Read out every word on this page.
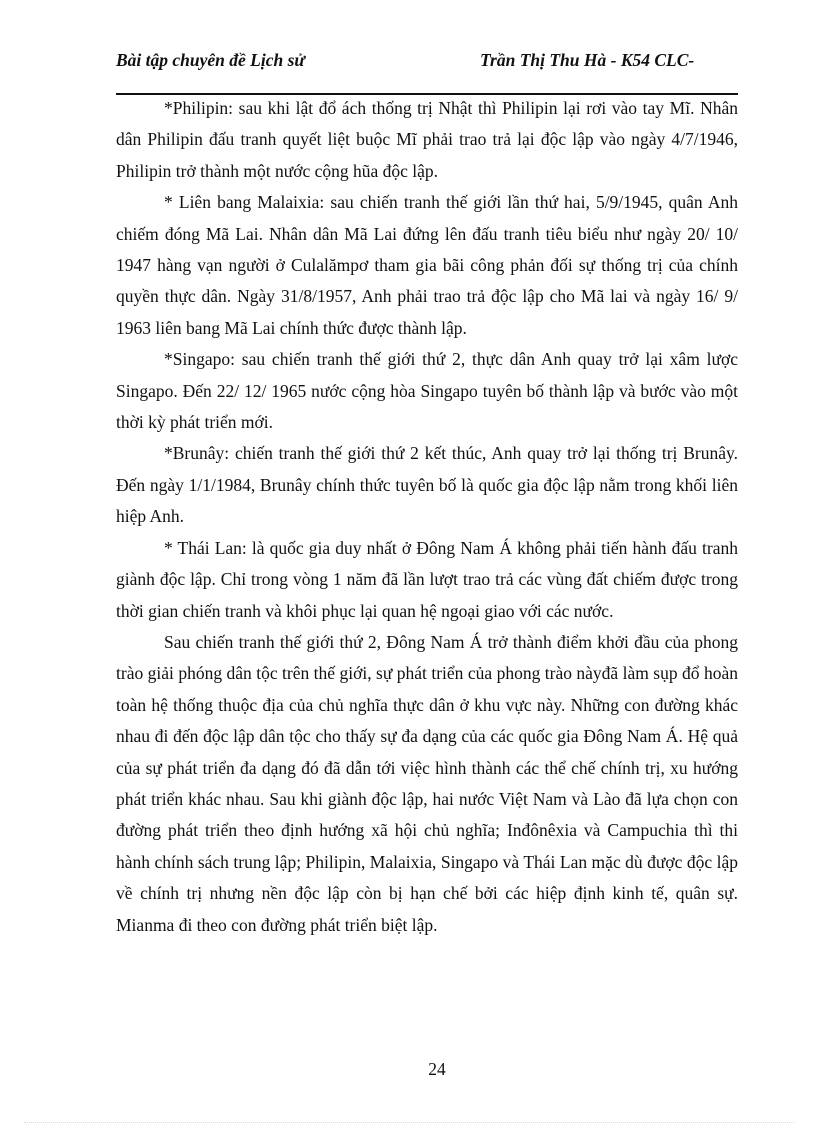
Bài tập chuyên đề Lịch sử	Trần Thị Thu Hà - K54 CLC-

*Philipin: sau khi lật đổ ách thống trị Nhật thì Philipin lại rơi vào tay Mĩ. Nhân dân Philipin đấu tranh quyết liệt buộc Mĩ phải trao trả lại độc lập vào ngày 4/7/1946, Philipin trở thành một nước cộng hũa độc lập.

* Liên bang Malaixia: sau chiến tranh thế giới lần thứ hai, 5/9/1945, quân Anh chiếm đóng Mã Lai. Nhân dân Mã Lai đứng lên đấu tranh tiêu biểu như ngày 20/ 10/ 1947 hàng vạn người ở Culalămpơ tham gia bãi công phản đối sự thống trị của chính quyền thực dân. Ngày 31/8/1957, Anh phải trao trả độc lập cho Mã lai và ngày 16/ 9/ 1963 liên bang Mã Lai chính thức được thành lập.

*Singapo: sau chiến tranh thế giới thứ 2, thực dân Anh quay trở lại xâm lược Singapo. Đến 22/ 12/ 1965 nước cộng hòa Singapo tuyên bố thành lập và bước vào một thời kỳ phát triển mới.

*Brunây: chiến tranh thế giới thứ 2 kết thúc, Anh quay trở lại thống trị Brunây. Đến ngày 1/1/1984, Brunây chính thức tuyên bố là quốc gia độc lập nằm trong khối liên hiệp Anh.

* Thái Lan: là quốc gia duy nhất ở Đông Nam Á không phải tiến hành đấu tranh giành độc lập. Chỉ trong vòng 1 năm đã lần lượt trao trả các vùng đất chiếm được trong thời gian chiến tranh và khôi phục lại quan hệ ngoại giao với các nước.

Sau chiến tranh thế giới thứ 2, Đông Nam Á trở thành điểm khởi đầu của phong trào giải phóng dân tộc trên thế giới, sự phát triển của phong trào nàyđã làm sụp đổ hoàn toàn hệ thống thuộc địa của chủ nghĩa thực dân ở khu vực này. Những con đường khác nhau đi đến độc lập dân tộc cho thấy sự đa dạng của các quốc gia Đông Nam Á. Hệ quả của sự phát triển đa dạng đó đã dẫn tới việc hình thành các thể chế chính trị, xu hướng phát triển khác nhau. Sau khi giành độc lập, hai nước Việt Nam và Lào đã lựa chọn con đường phát triển theo định hướng xã hội chủ nghĩa; Inđônêxia và Campuchia thì thi hành chính sách trung lập; Philipin, Malaixia, Singapo và Thái Lan mặc dù được độc lập về chính trị nhưng nền độc lập còn bị hạn chế bởi các hiệp định kinh tế, quân sự. Mianma đi theo con đường phát triển biệt lập.

24
